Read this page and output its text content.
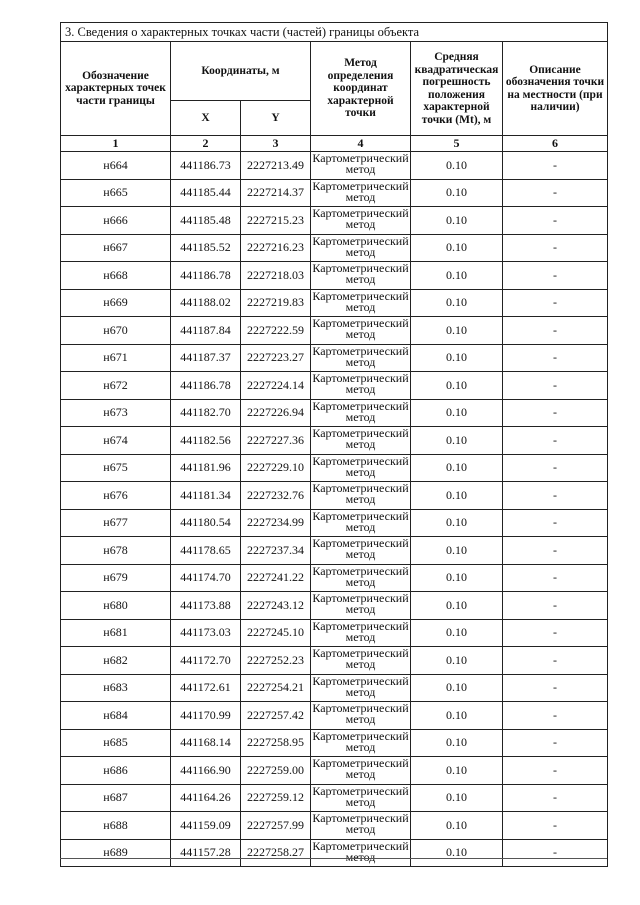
3. Сведения о характерных точках части (частей) границы объекта					
Обозначение характерных точек части границы	Координаты, м		Метод определения координат характерной точки	Средняя квадратическая погрешность положения характерной точки (Mt), м	Описание обозначения точки на местности (при наличии)
	X	Y			
1	2	3	4	5	6
н664	441186.73	2227213.49	Картометрический
метод	0.10	-
н665	441185.44	2227214.37	Картометрический
метод	0.10	-
н666	441185.48	2227215.23	Картометрический
метод	0.10	-
н667	441185.52	2227216.23	Картометрический
метод	0.10	-
н668	441186.78	2227218.03	Картометрический
метод	0.10	-
н669	441188.02	2227219.83	Картометрический
метод	0.10	-
н670	441187.84	2227222.59	Картометрический
метод	0.10	-
н671	441187.37	2227223.27	Картометрический
метод	0.10	-
н672	441186.78	2227224.14	Картометрический
метод	0.10	-
н673	441182.70	2227226.94	Картометрический
метод	0.10	-
н674	441182.56	2227227.36	Картометрический
метод	0.10	-
н675	441181.96	2227229.10	Картометрический
метод	0.10	-
н676	441181.34	2227232.76	Картометрический
метод	0.10	-
н677	441180.54	2227234.99	Картометрический
метод	0.10	-
н678	441178.65	2227237.34	Картометрический
метод	0.10	-
н679	441174.70	2227241.22	Картометрический
метод	0.10	-
н680	441173.88	2227243.12	Картометрический
метод	0.10	-
н681	441173.03	2227245.10	Картометрический
метод	0.10	-
н682	441172.70	2227252.23	Картометрический
метод	0.10	-
н683	441172.61	2227254.21	Картометрический
метод	0.10	-
н684	441170.99	2227257.42	Картометрический
метод	0.10	-
н685	441168.14	2227258.95	Картометрический
метод	0.10	-
н686	441166.90	2227259.00	Картометрический
метод	0.10	-
н687	441164.26	2227259.12	Картометрический
метод	0.10	-
н688	441159.09	2227257.99	Картометрический
метод	0.10	-
н689	441157.28	2227258.27	Картометрический
метод	0.10	-
